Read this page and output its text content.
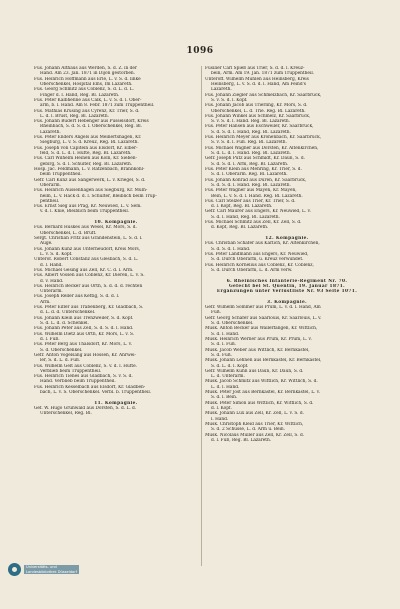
1096
Füs. Johann Althaus aus Werden, S. d. Z. in der
Hand. Am 23. Jan. 1871 in Dijon gestorben.
Füs. Heinrich Hoffmann aus Erle, L. v. S. d. linke
Oberschenkel, Hospital Ems, Im Lazareth.
Füs. Georg Schmitz aus Coblenz, S. d. L. d. L.
Finger d. l. Hand, Reg. Bl. Lazareth.
Füs. Peter Kalbhenne aus Calk, L. v. S. d. l. Ober-
arm, b. l. Hand. Am 8. Febr. 1871 zum Truppentheil.
Füs. Mathias Krüsing aus Cyrenz, Kr. Trier, S. d.
L. d. l. Brust, Reg. Bl. Lazareth.
Füs. Johann Budert Hebenger aus Püsselsdorf, Kreis
Rheinbach, S. d. S. d. l. Oberschenkel, Reg. Bl.
Lazareth.
Füs. Peter Enders Angels aus Meinertshagen, Kr.
Siegburg, L. v. S. d. Kreuz, Reg. Bl. Lazareth.
Füs. Joseph von Capitein aus Elsdorf, Kr. Elber-
feld, S. d. L. d. l. Hüfte, Reg. Bl. Lazareth.
Füs. Carl Wilhelm Heinen aus Köln, Kr. Sieben-
gebirg, S. d. l. Schulter, Reg. Bl. Lazareth.
Hosp. Jac. Feldmann, L. v. Ratzenbach, Brannkohl-
beim Truppentheil.
Gefr. Carl Kunz aus Sangerwerk, L. v. Kriegel, S. d.
Oberarm.
Füs. Heinrich Aussenhagen aus Siegburg, Kr. Mülh-
heim, L. v. Hack d. d. l. Schulter, Bleiblich beim Trup-
pentheil.
Füs. Ernst Sieg aus Prag, Kr. Neuwied, L. v. Sem.
v. d. l. Knie, Bleiblich beim Truppentheil.

10. Kompagnie.
Füs. Bernard Hüskes aus Wesel, Kr. Mörs, S. d.
Oberschenkel, L. d. Bruft.
Sergt. Christian Fritz aus Grandenstein, L. S. d. l.
Auge.
Füs. Johann Kunz aus Unterneudorf, Kreis Mörs,
L. v. S. d. Kopf.
Unterof. Robert Constanz aus Glesbach, S. d. L.
d. l. Hand.
Füs. Michael Gesing aus Zell, Kr. C. d. l. Arm.
Füs. Albert Vossen aus Coblenz, Kr. Dieren, L. v. S.
d. v. Hand.
Füs. Heinrich Becker aus Orth, S. d. d. d. rechten
Unterarm.
Füs. Joseph Reller aus Kettig, S. d. d. l.
Arm.
Füs. Peter Eifler aus Trabenberg, Kr. Gladbach, S.
d. L. d. d. Unterschenkel.
Füs. Johann Klein aus Trenzweiler, S. d. Kopf.
S. d. L. d. d. Schenkel.
Füs. Johann Peter aus Zell, S. d. S. d. l. Hand.
Füs. Wilhelm Dietz aus Orth, Kr. Mörs, L. v. S.
d. l. Fuß.
Füs. Peter Berg aus Thalsdorf, Kr. Mörs, L. v.
S. d. Oberschenkel.
Gefr. Anton Vogelsang aus Hossen, Kr. Ahrwei-
ler, S. d. L. d. Fuß.
Füs. Wilhelm Gelt aus Coblenz, S. v. d. l. Hüfte.
Verblieb beim Truppentheil.
Füs. Heinrich Tienes aus Gladbach, S. v. S. d.
Hand. Verblieb beim Truppentheil.
Füs. Heinrich Kesselbach aus Elsdorf, Kr. Gladben-
bach, L. v. S. Oberschenkel. Verbl. b. Truppentheil.

11. Kompagnie.
Gef. W. Hugo Grünwald aus Dorsten, S. d. L. d.
Unterschenkel, Reg. Bl.
Füsilier Carl Spieß aus Trier, S. d. d. l. Kreuz-
bein, Arm. Am 19. Jan. 1871 zum Truppentheil.
Unteroff. Wilhelm Mühlen aus Heinsberg, Kreis
Heinsberg, L. v. S. d. d. l. Hand, Am Feind's
Lazareth.
Füs. Johann Ziegler aus Schmelzbach, Kr. Saarbrück,
S. v. S. d. l. Kopf.
Füs. Johann Jacob aus Trierling, Kr. Mörs, S. d.
Oberschenkel, L. d. Trie. Reg. Bl. Lazareth.
Füs. Johann Winkel aus Schmelz, Kr. Saarbrück,
S. v. S. d. l. Hand. Reg. Bl. Lazareth.
Füs. Peter Hansen aus Eschweiler, Kr. Saarbrück,
S. d. S. d. l. Hand, Reg. Bl. Lazareth.
Füs. Heinrich Meyer aus Kronenbach, Kr. Saarbrück,
S. v. S. d. l. Fuß. Reg. Bl. Lazareth.
Füs. Michael Wagner aus Dorsten, Kr. Altenkirchen,
S. d. L. d. l. Hand. Reg. Bl. Lazareth.
Gefr. Joseph Pütz aus Schmidt, Kr. Daun, S. d.
S. d. S. d. l. Arm, Reg. Bl. Lazareth.
Füs. Peter Klein aus Mehring, Kr. Trier, S. d.
S. d. l. Oberarm. Reg. Bl. Lazareth.
Füs. Johann Konrad aus Düren, Kr. Saarbrück,
S. d. S. d. l. Hand. Reg. Bl. Lazareth.
Füs. Peter Wagner aus Mayen, Kr. Mayen,
Bein, L. v. S. d. l. Hand. Reg. Bl. Lazareth.
Füs. Carl Stelzer aus Trier, Kr. Trier, S. d.
d. l. Kopf, Reg. Bl. Lazareth.
Gefr. Carl Maurer aus Engers, Kr. Neuwied, L. v.
S. d. l. Hand, Reg. Bl. Lazareth.
Füs. Michael Schmitz aus Zell, Kr. Zell, S. d.
d. Kopf, Reg. Bl. Lazareth.

12. Kompagnie.
Füs. Christian Schäfer aus Kärlich, Kr. Altenkirchen,
S. d. S. d. l. Hand.
Füs. Peter Landmann aus Engers, Kr. Neuwied,
S. d. Durch Oberarm, u. Kreuz verwundet.
Füs. Heinrich Kornelius aus Coblenz, Kr. Coblenz,
S. d. Durch Oberarm, L. d. Arm verw.

6. Rheinisches Infanterie-Regiment Nr. 70.
Gefecht bei St. Quentin, 19. Januar 1871.
Ergänzungen unter Verlustliste Nr. 93 Seite 1071.

3. Kompagnie.
Gefr. Wilhelm Sommer aus Prüm, L. v. d. l. Hand, Am
Fuß.
Gefr. Georg Schäfer aus Saarlouis, Kr. Saarlouis, L. v.
S. d. Oberschenkel.
Musk. Anton Becker aus Wallerfangen, Kr. Wittlich,
S. d. l. Hand.
Musk. Heinrich Werner aus Prüm, Kr. Prüm, L. v.
S. d. l. Fuß.
Musk. Jacob Weber aus Wittlich, Kr. Bernkastel,
S. d. Fuß.
Musk. Johann Lehnen aus Bernkastel, Kr. Bernkastel,
S. d. L. d. l. Kopf.
Gefr. Wilhelm Kuhn aus Daun, Kr. Daun, S. d.
L. d. Unterarm.
Musk. Jacob Schmitz aus Wittlich, Kr. Wittlich, S. d.
L. d. l. Hand.
Musk. Peter Jost aus Bernkastel, Kr. Bernkastel, L. v.
S. d. l. Bein.
Musk. Peter Simon aus Wittlich, Kr. Wittlich, S. d.
d. l. Kopf.
Musk. Johann Lux aus Zell, Kr. Zell, L. v. S. d.
l. Hand.
Musk. Christoph Kleid aus Trier, Kr. Wittlich,
S. d. 2 Schüsse, L. d. Arm u. Bein.
Musk. Nicolaus Müller aus Zell, Kr. Zell, S. d.
d. l. Fuß, Reg. Bl. Lazareth.
Universitäts- und
Landesbibliothek Düsseldorf
